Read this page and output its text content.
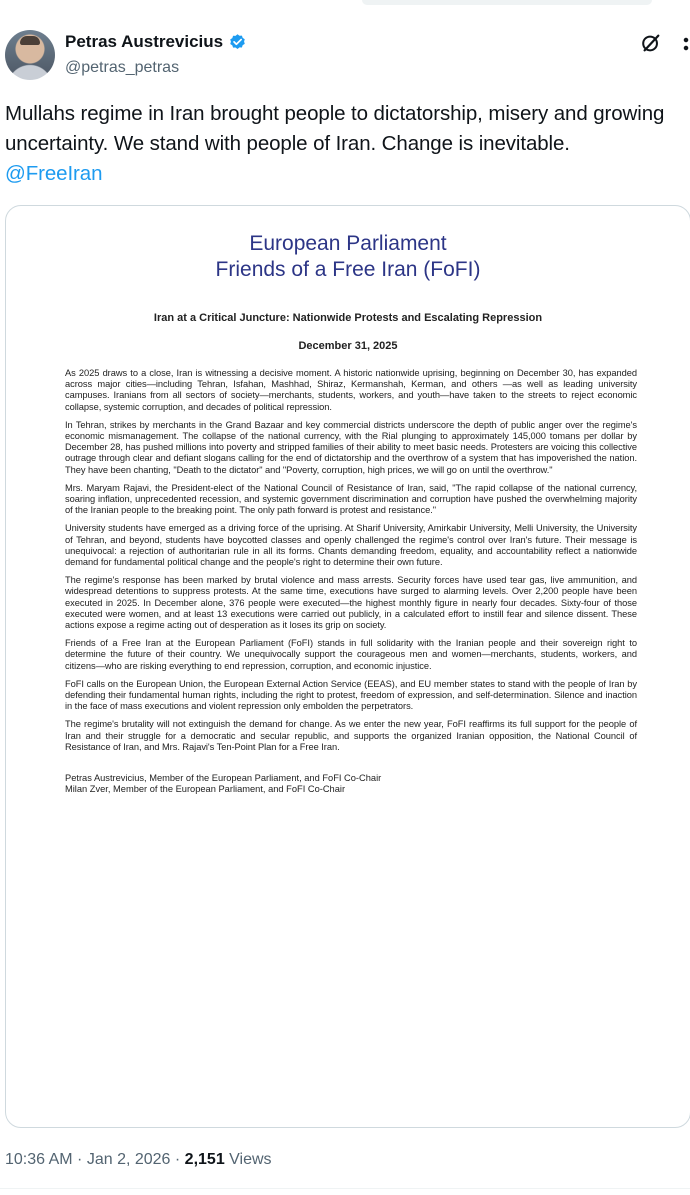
Petras Austrevicius
@petras_petras
Mullahs regime in Iran brought people to dictatorship, misery and growing uncertainty. We stand with people of Iran. Change is inevitable.
@FreeIran
European Parliament
Friends of a Free Iran (FoFI)
Iran at a Critical Juncture: Nationwide Protests and Escalating Repression
December 31, 2025

As 2025 draws to a close, Iran is witnessing a decisive moment. A historic nationwide uprising, beginning on December 30, has expanded across major cities—including Tehran, Isfahan, Mashhad, Shiraz, Kermanshah, Kerman, and others —as well as leading university campuses. Iranians from all sectors of society—merchants, students, workers, and youth—have taken to the streets to reject economic collapse, systemic corruption, and decades of political repression.

In Tehran, strikes by merchants in the Grand Bazaar and key commercial districts underscore the depth of public anger over the regime's economic mismanagement. The collapse of the national currency, with the Rial plunging to approximately 145,000 tomans per dollar by December 28, has pushed millions into poverty and stripped families of their ability to meet basic needs. Protesters are voicing this collective outrage through clear and defiant slogans calling for the end of dictatorship and the overthrow of a system that has impoverished the nation. They have been chanting, "Death to the dictator" and "Poverty, corruption, high prices, we will go on until the overthrow."

Mrs. Maryam Rajavi, the President-elect of the National Council of Resistance of Iran, said, "The rapid collapse of the national currency, soaring inflation, unprecedented recession, and systemic government discrimination and corruption have pushed the overwhelming majority of the Iranian people to the breaking point. The only path forward is protest and resistance."

University students have emerged as a driving force of the uprising. At Sharif University, Amirkabir University, Melli University, the University of Tehran, and beyond, students have boycotted classes and openly challenged the regime's control over Iran's future. Their message is unequivocal: a rejection of authoritarian rule in all its forms. Chants demanding freedom, equality, and accountability reflect a nationwide demand for fundamental political change and the people's right to determine their own future.

The regime's response has been marked by brutal violence and mass arrests. Security forces have used tear gas, live ammunition, and widespread detentions to suppress protests. At the same time, executions have surged to alarming levels. Over 2,200 people have been executed in 2025. In December alone, 376 people were executed—the highest monthly figure in nearly four decades. Sixty-four of those executed were women, and at least 13 executions were carried out publicly, in a calculated effort to instill fear and silence dissent. These actions expose a regime acting out of desperation as it loses its grip on society.

Friends of a Free Iran at the European Parliament (FoFI) stands in full solidarity with the Iranian people and their sovereign right to determine the future of their country. We unequivocally support the courageous men and women—merchants, students, workers, and citizens—who are risking everything to end repression, corruption, and economic injustice.

FoFI calls on the European Union, the European External Action Service (EEAS), and EU member states to stand with the people of Iran by defending their fundamental human rights, including the right to protest, freedom of expression, and self-determination. Silence and inaction in the face of mass executions and violent repression only embolden the perpetrators.

The regime's brutality will not extinguish the demand for change. As we enter the new year, FoFI reaffirms its full support for the people of Iran and their struggle for a democratic and secular republic, and supports the organized Iranian opposition, the National Council of Resistance of Iran, and Mrs. Rajavi's Ten-Point Plan for a Free Iran.

Petras Austrevicius, Member of the European Parliament, and FoFI Co-Chair
Milan Zver, Member of the European Parliament, and FoFI Co-Chair
10:36 AM · Jan 2, 2026 · 2,151 Views
